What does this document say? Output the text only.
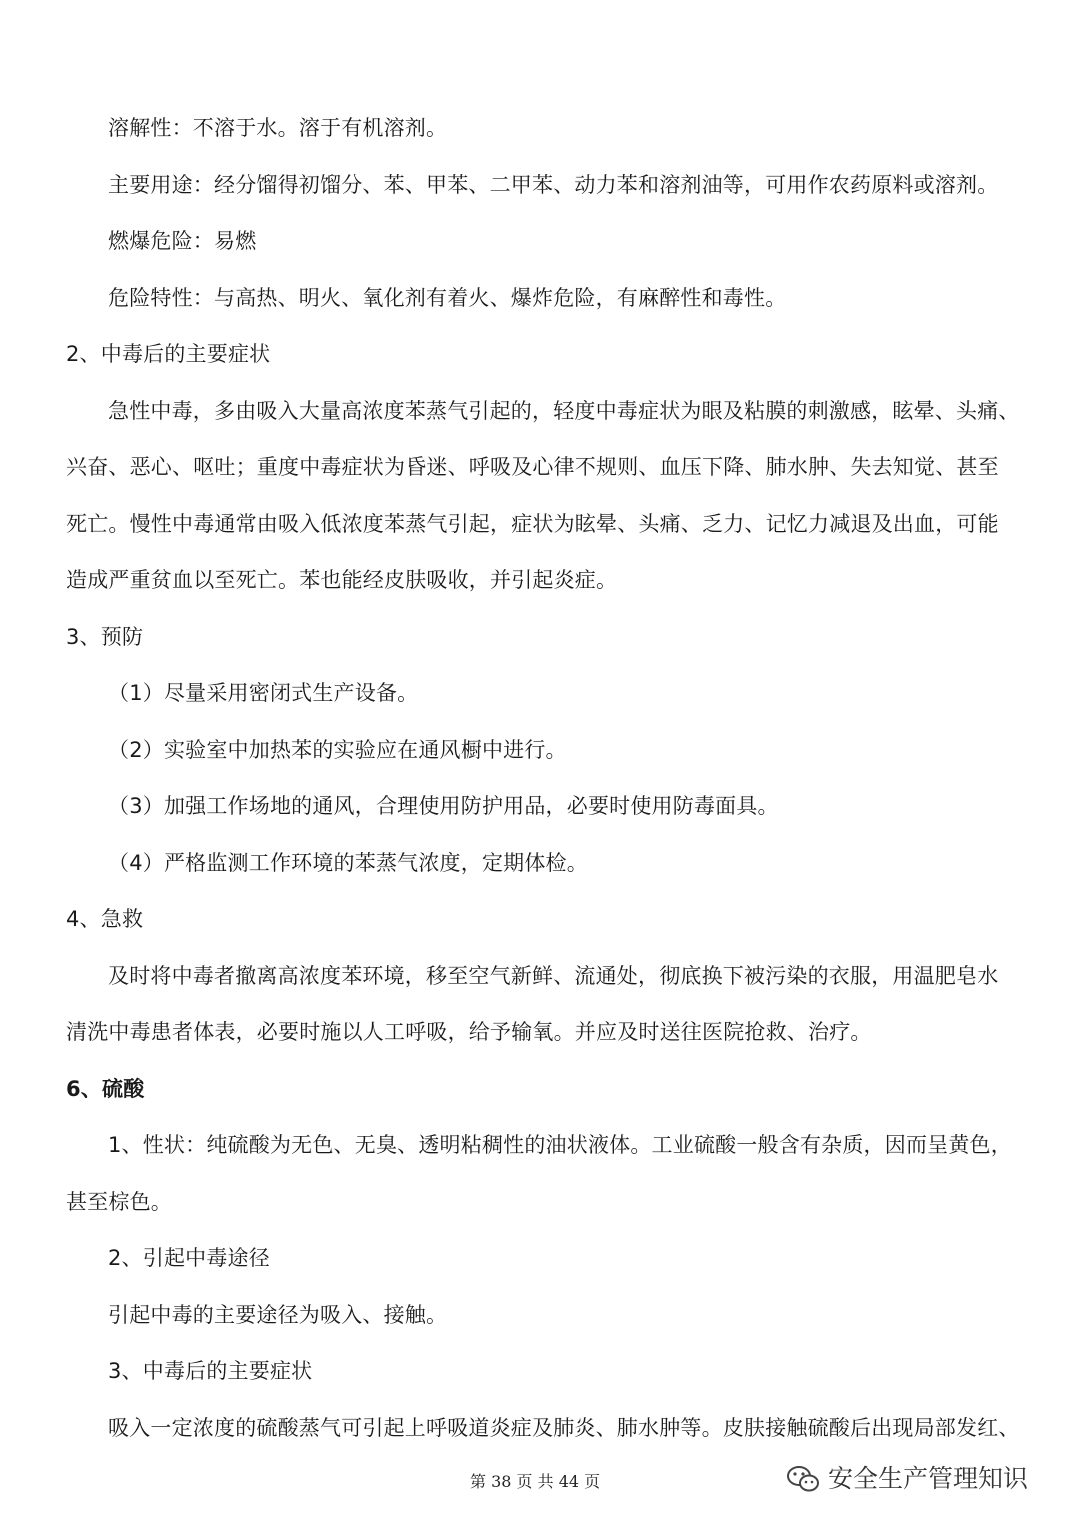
溶解性：不溶于水。溶于有机溶剂。
主要用途：经分馏得初馏分、苯、甲苯、二甲苯、动力苯和溶剂油等，可用作农药原料或溶剂。
燃爆危险：易燃
危险特性：与高热、明火、氧化剂有着火、爆炸危险，有麻醉性和毒性。
2、中毒后的主要症状
急性中毒，多由吸入大量高浓度苯蒸气引起的，轻度中毒症状为眼及粘膜的刺激感，眩晕、头痛、
兴奋、恶心、呕吐；重度中毒症状为昏迷、呼吸及心律不规则、血压下降、肺水肿、失去知觉、甚至
死亡。慢性中毒通常由吸入低浓度苯蒸气引起，症状为眩晕、头痛、乏力、记忆力减退及出血，可能
造成严重贫血以至死亡。苯也能经皮肤吸收，并引起炎症。
3、预防
（1）尽量采用密闭式生产设备。
（2）实验室中加热苯的实验应在通风橱中进行。
（3）加强工作场地的通风，合理使用防护用品，必要时使用防毒面具。
（4）严格监测工作环境的苯蒸气浓度，定期体检。
4、急救
及时将中毒者撤离高浓度苯环境，移至空气新鲜、流通处，彻底换下被污染的衣服，用温肥皂水
清洗中毒患者体表，必要时施以人工呼吸，给予输氧。并应及时送往医院抢救、治疗。
6、硫酸
1、性状：纯硫酸为无色、无臭、透明粘稠性的油状液体。工业硫酸一般含有杂质，因而呈黄色，
甚至棕色。
2、引起中毒途径
引起中毒的主要途径为吸入、接触。
3、中毒后的主要症状
吸入一定浓度的硫酸蒸气可引起上呼吸道炎症及肺炎、肺水肿等。皮肤接触硫酸后出现局部发红、
第 38 页 共 44 页	安全生产管理知识
